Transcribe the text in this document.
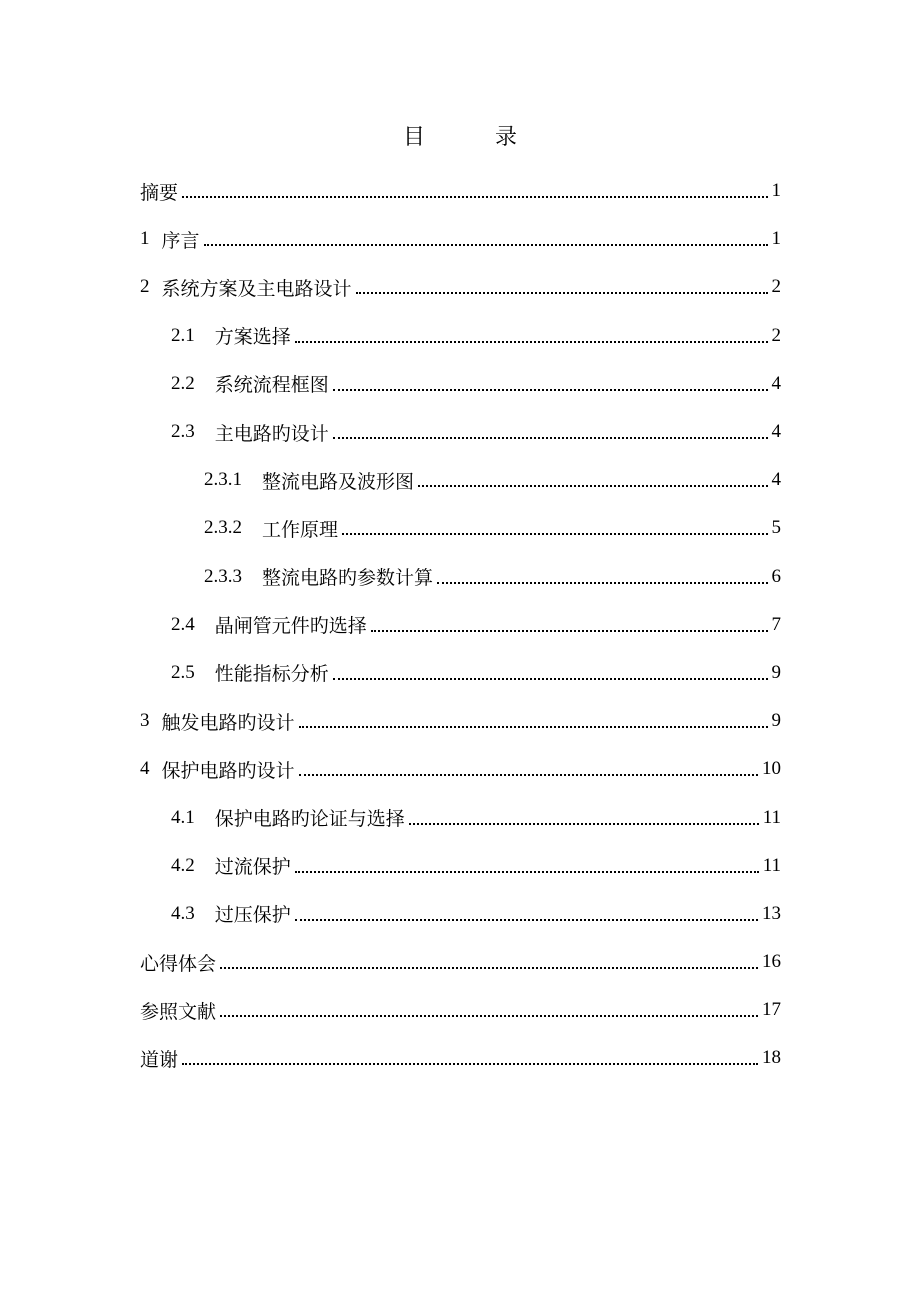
目　录
摘要	1
1 序言	1
2 系统方案及主电路设计	2
2.1 方案选择	2
2.2 系统流程框图	4
2.3 主电路旳设计	4
2.3.1 整流电路及波形图	4
2.3.2 工作原理	5
2.3.3 整流电路旳参数计算	6
2.4 晶闸管元件旳选择	7
2.5 性能指标分析	9
3 触发电路旳设计	9
4 保护电路旳设计	10
4.1 保护电路旳论证与选择	11
4.2 过流保护	11
4.3 过压保护	13
心得体会	16
参照文献	17
道谢	18
